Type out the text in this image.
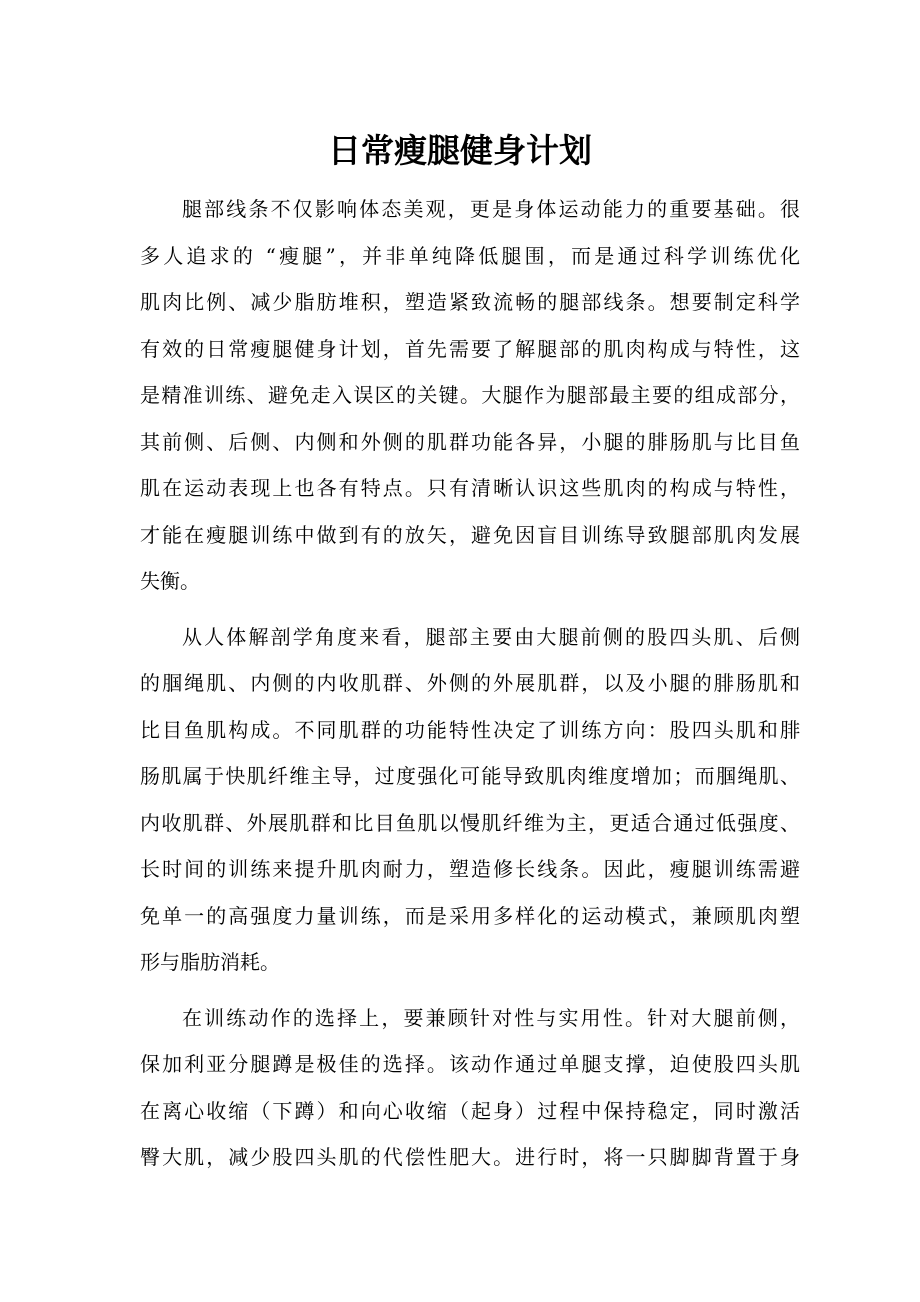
日常瘦腿健身计划
腿部线条不仅影响体态美观，更是身体运动能力的重要基础。很
多人追求的 “瘦腿”，并非单纯降低腿围，而是通过科学训练优化
肌肉比例、减少脂肪堆积，塑造紧致流畅的腿部线条。想要制定科学
有效的日常瘦腿健身计划，首先需要了解腿部的肌肉构成与特性，这
是精准训练、避免走入误区的关键。大腿作为腿部最主要的组成部分，
其前侧、后侧、内侧和外侧的肌群功能各异，小腿的腓肠肌与比目鱼
肌在运动表现上也各有特点。只有清晰认识这些肌肉的构成与特性，
才能在瘦腿训练中做到有的放矢，避免因盲目训练导致腿部肌肉发展
失衡。
从人体解剖学角度来看，腿部主要由大腿前侧的股四头肌、后侧
的腘绳肌、内侧的内收肌群、外侧的外展肌群，以及小腿的腓肠肌和
比目鱼肌构成。不同肌群的功能特性决定了训练方向：股四头肌和腓
肠肌属于快肌纤维主导，过度强化可能导致肌肉维度增加；而腘绳肌、
内收肌群、外展肌群和比目鱼肌以慢肌纤维为主，更适合通过低强度、
长时间的训练来提升肌肉耐力，塑造修长线条。因此，瘦腿训练需避
免单一的高强度力量训练，而是采用多样化的运动模式，兼顾肌肉塑
形与脂肪消耗。
在训练动作的选择上，要兼顾针对性与实用性。针对大腿前侧，
保加利亚分腿蹲是极佳的选择。该动作通过单腿支撑，迫使股四头肌
在离心收缩（下蹲）和向心收缩（起身）过程中保持稳定，同时激活
臀大肌，减少股四头肌的代偿性肥大。进行时，将一只脚脚背置于身
